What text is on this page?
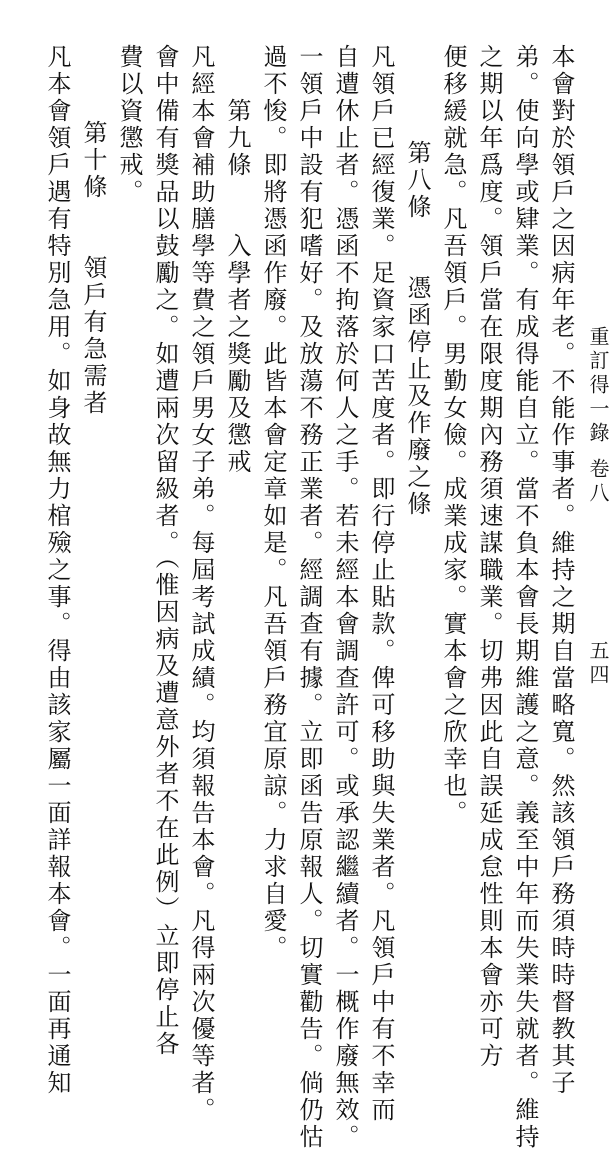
重訂得一錄
卷八
五四
本會對於領戶之因病年老。不能作事者。維持之期自當略寬。然該領戶務須時時督教其子
弟。使向學或肄業。有成得能自立。當不負本會長期維護之意。義至中年而失業失就者。維持
之期以年爲度。領戶當在限度期內務須速謀職業。切弗因此自誤延成怠性則本會亦可方
便移緩就急。凡吾領戶。男勤女儉。成業成家。實本會之欣幸也。
第八條　　憑函停止及作廢之條
凡領戶已經復業。足資家口苦度者。即行停止貼款。俾可移助與失業者。凡領戶中有不幸而
自遭休止者。憑函不拘落於何人之手。若未經本會調查許可。或承認繼續者。一概作廢無效。
一領戶中設有犯嗜好。及放蕩不務正業者。經調查有據。立即函告原報人。切實勸告。倘仍怙
過不悛。即將憑函作廢。此皆本會定章如是。凡吾領戶務宜原諒。力求自愛。
第九條　　入學者之獎勵及懲戒
凡經本會補助膳學等費之領戶男女子弟。每屆考試成績。均須報告本會。凡得兩次優等者。
會中備有獎品以鼓勵之。如遭兩次留級者。（惟因病及遭意外者不在此例）立即停止各
費以資懲戒。
第十條　　領戶有急需者
凡本會領戶遇有特別急用。如身故無力棺殮之事。得由該家屬一面詳報本會。一面再通知
